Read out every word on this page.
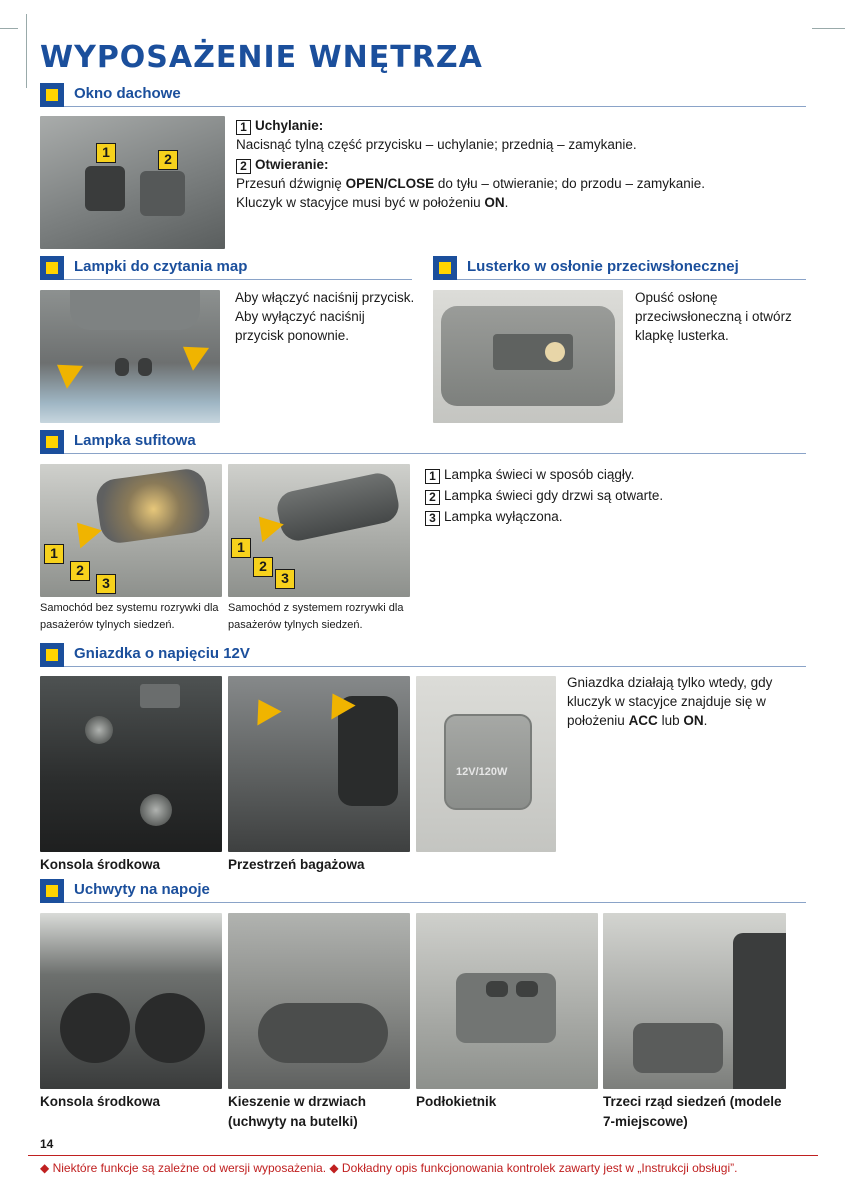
WYPOSAŻENIE WNĘTRZA
Okno dachowe
1	2
1 Uchylanie:
Nacisnąć tylną część przycisku – uchylanie; przednią – zamykanie.
2 Otwieranie:
Przesuń dźwignię OPEN/CLOSE do tyłu – otwieranie; do przodu – zamykanie.
Kluczyk w stacyjce musi być w położeniu ON.
Lampki do czytania map
Aby włączyć naciśnij przycisk. Aby wyłączyć naciśnij przycisk ponownie.
Lusterko w osłonie przeciwsłonecznej
Opuść osłonę przeciwsłoneczną i otwórz klapkę lusterka.
Lampka sufitowa
1
2
3
1
2
3
Samochód bez systemu rozrywki dla pasażerów tylnych siedzeń.
Samochód z systemem rozrywki dla pasażerów tylnych siedzeń.
1 Lampka świeci w sposób ciągły.
2 Lampka świeci gdy drzwi są otwarte.
3 Lampka wyłączona.
Gniazdka o napięciu 12V
12V/120W
Gniazdka działają tylko wtedy, gdy kluczyk w stacyjce znajduje się w położeniu ACC lub ON.
Konsola środkowa	Przestrzeń bagażowa
Uchwyty na napoje
Konsola środkowa	Kieszenie w drzwiach (uchwyty na butelki)
Podłokietnik	Trzeci rząd siedzeń (modele 7-miejscowe)
14
◆ Niektóre funkcje są zależne od wersji wyposażenia. ◆ Dokładny opis funkcjonowania kontrolek zawarty jest w „Instrukcji obsługi”.
